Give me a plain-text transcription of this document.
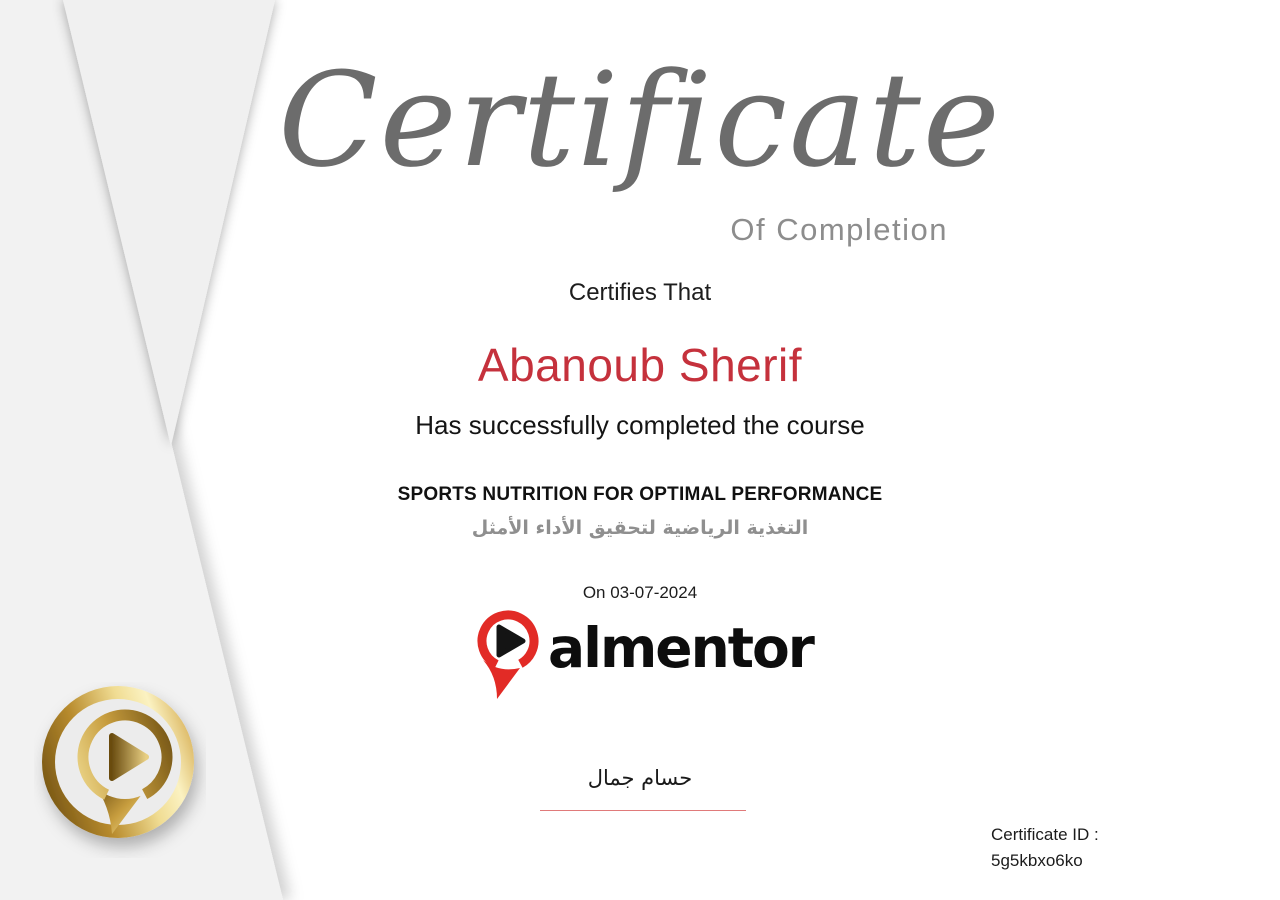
Certificate
Of Completion
Certifies That
Abanoub Sherif
Has successfully completed the course
SPORTS NUTRITION FOR OPTIMAL PERFORMANCE
التغذية الرياضية لتحقيق الأداء الأمثل
On 03-07-2024
almentor
حسام جمال
Certificate ID :
5g5kbxo6ko
